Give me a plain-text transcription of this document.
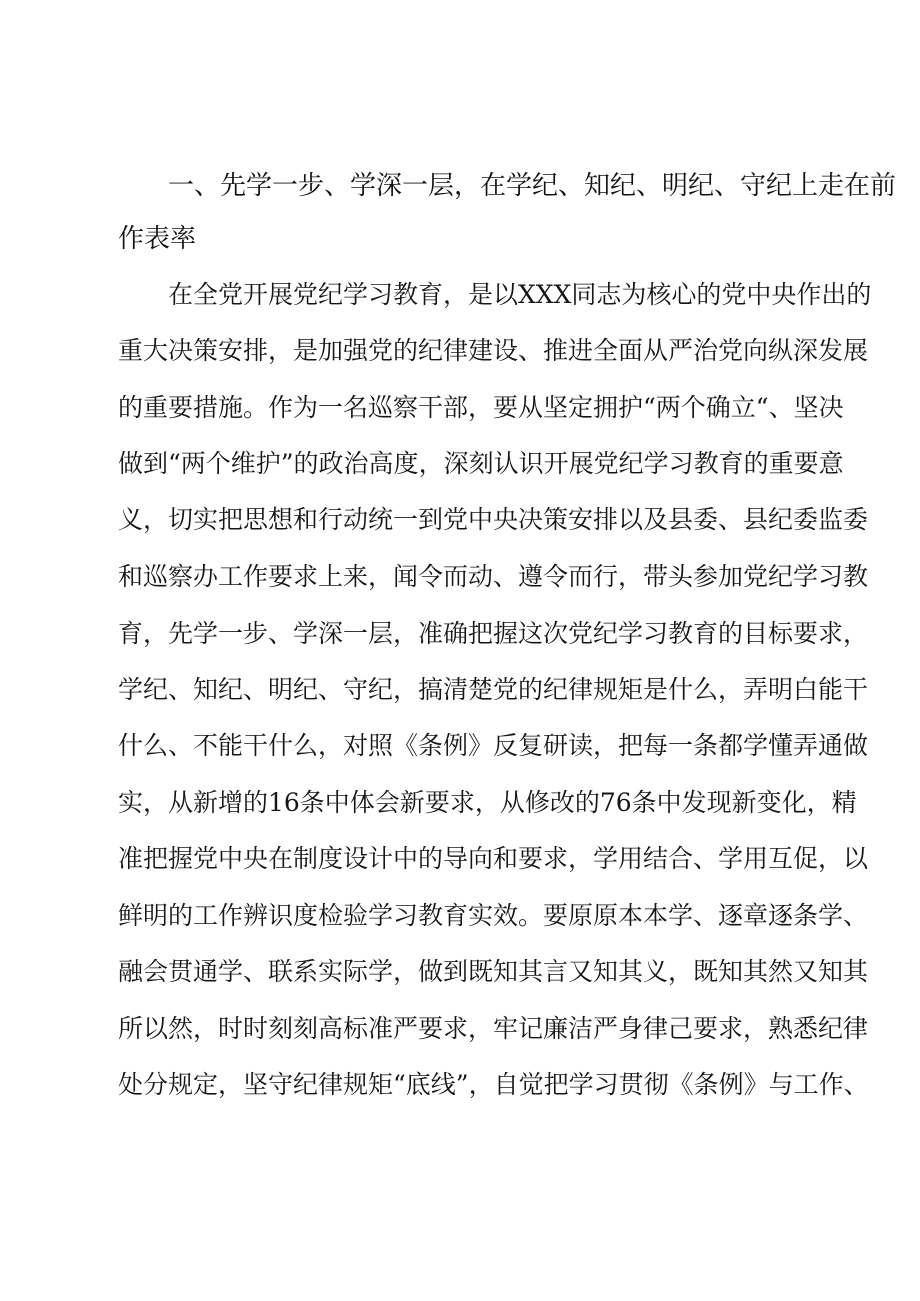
一、先学一步、学深一层，在学纪、知纪、明纪、守纪上走在前
作表率
在全党开展党纪学习教育，是以XXX同志为核心的党中央作出的
重大决策安排，是加强党的纪律建设、推进全面从严治党向纵深发展
的重要措施。作为一名巡察干部，要从坚定拥护“两个确立“、坚决
做到“两个维护”的政治高度，深刻认识开展党纪学习教育的重要意
义，切实把思想和行动统一到党中央决策安排以及县委、县纪委监委
和巡察办工作要求上来，闻令而动、遵令而行，带头参加党纪学习教
育，先学一步、学深一层，准确把握这次党纪学习教育的目标要求，
学纪、知纪、明纪、守纪，搞清楚党的纪律规矩是什么，弄明白能干
什么、不能干什么，对照《条例》反复研读，把每一条都学懂弄通做
实，从新增的16条中体会新要求，从修改的76条中发现新变化，精
准把握党中央在制度设计中的导向和要求，学用结合、学用互促，以
鲜明的工作辨识度检验学习教育实效。要原原本本学、逐章逐条学、
融会贯通学、联系实际学，做到既知其言又知其义，既知其然又知其
所以然，时时刻刻高标准严要求，牢记廉洁严身律己要求，熟悉纪律
处分规定，坚守纪律规矩“底线”，自觉把学习贯彻《条例》与工作、
